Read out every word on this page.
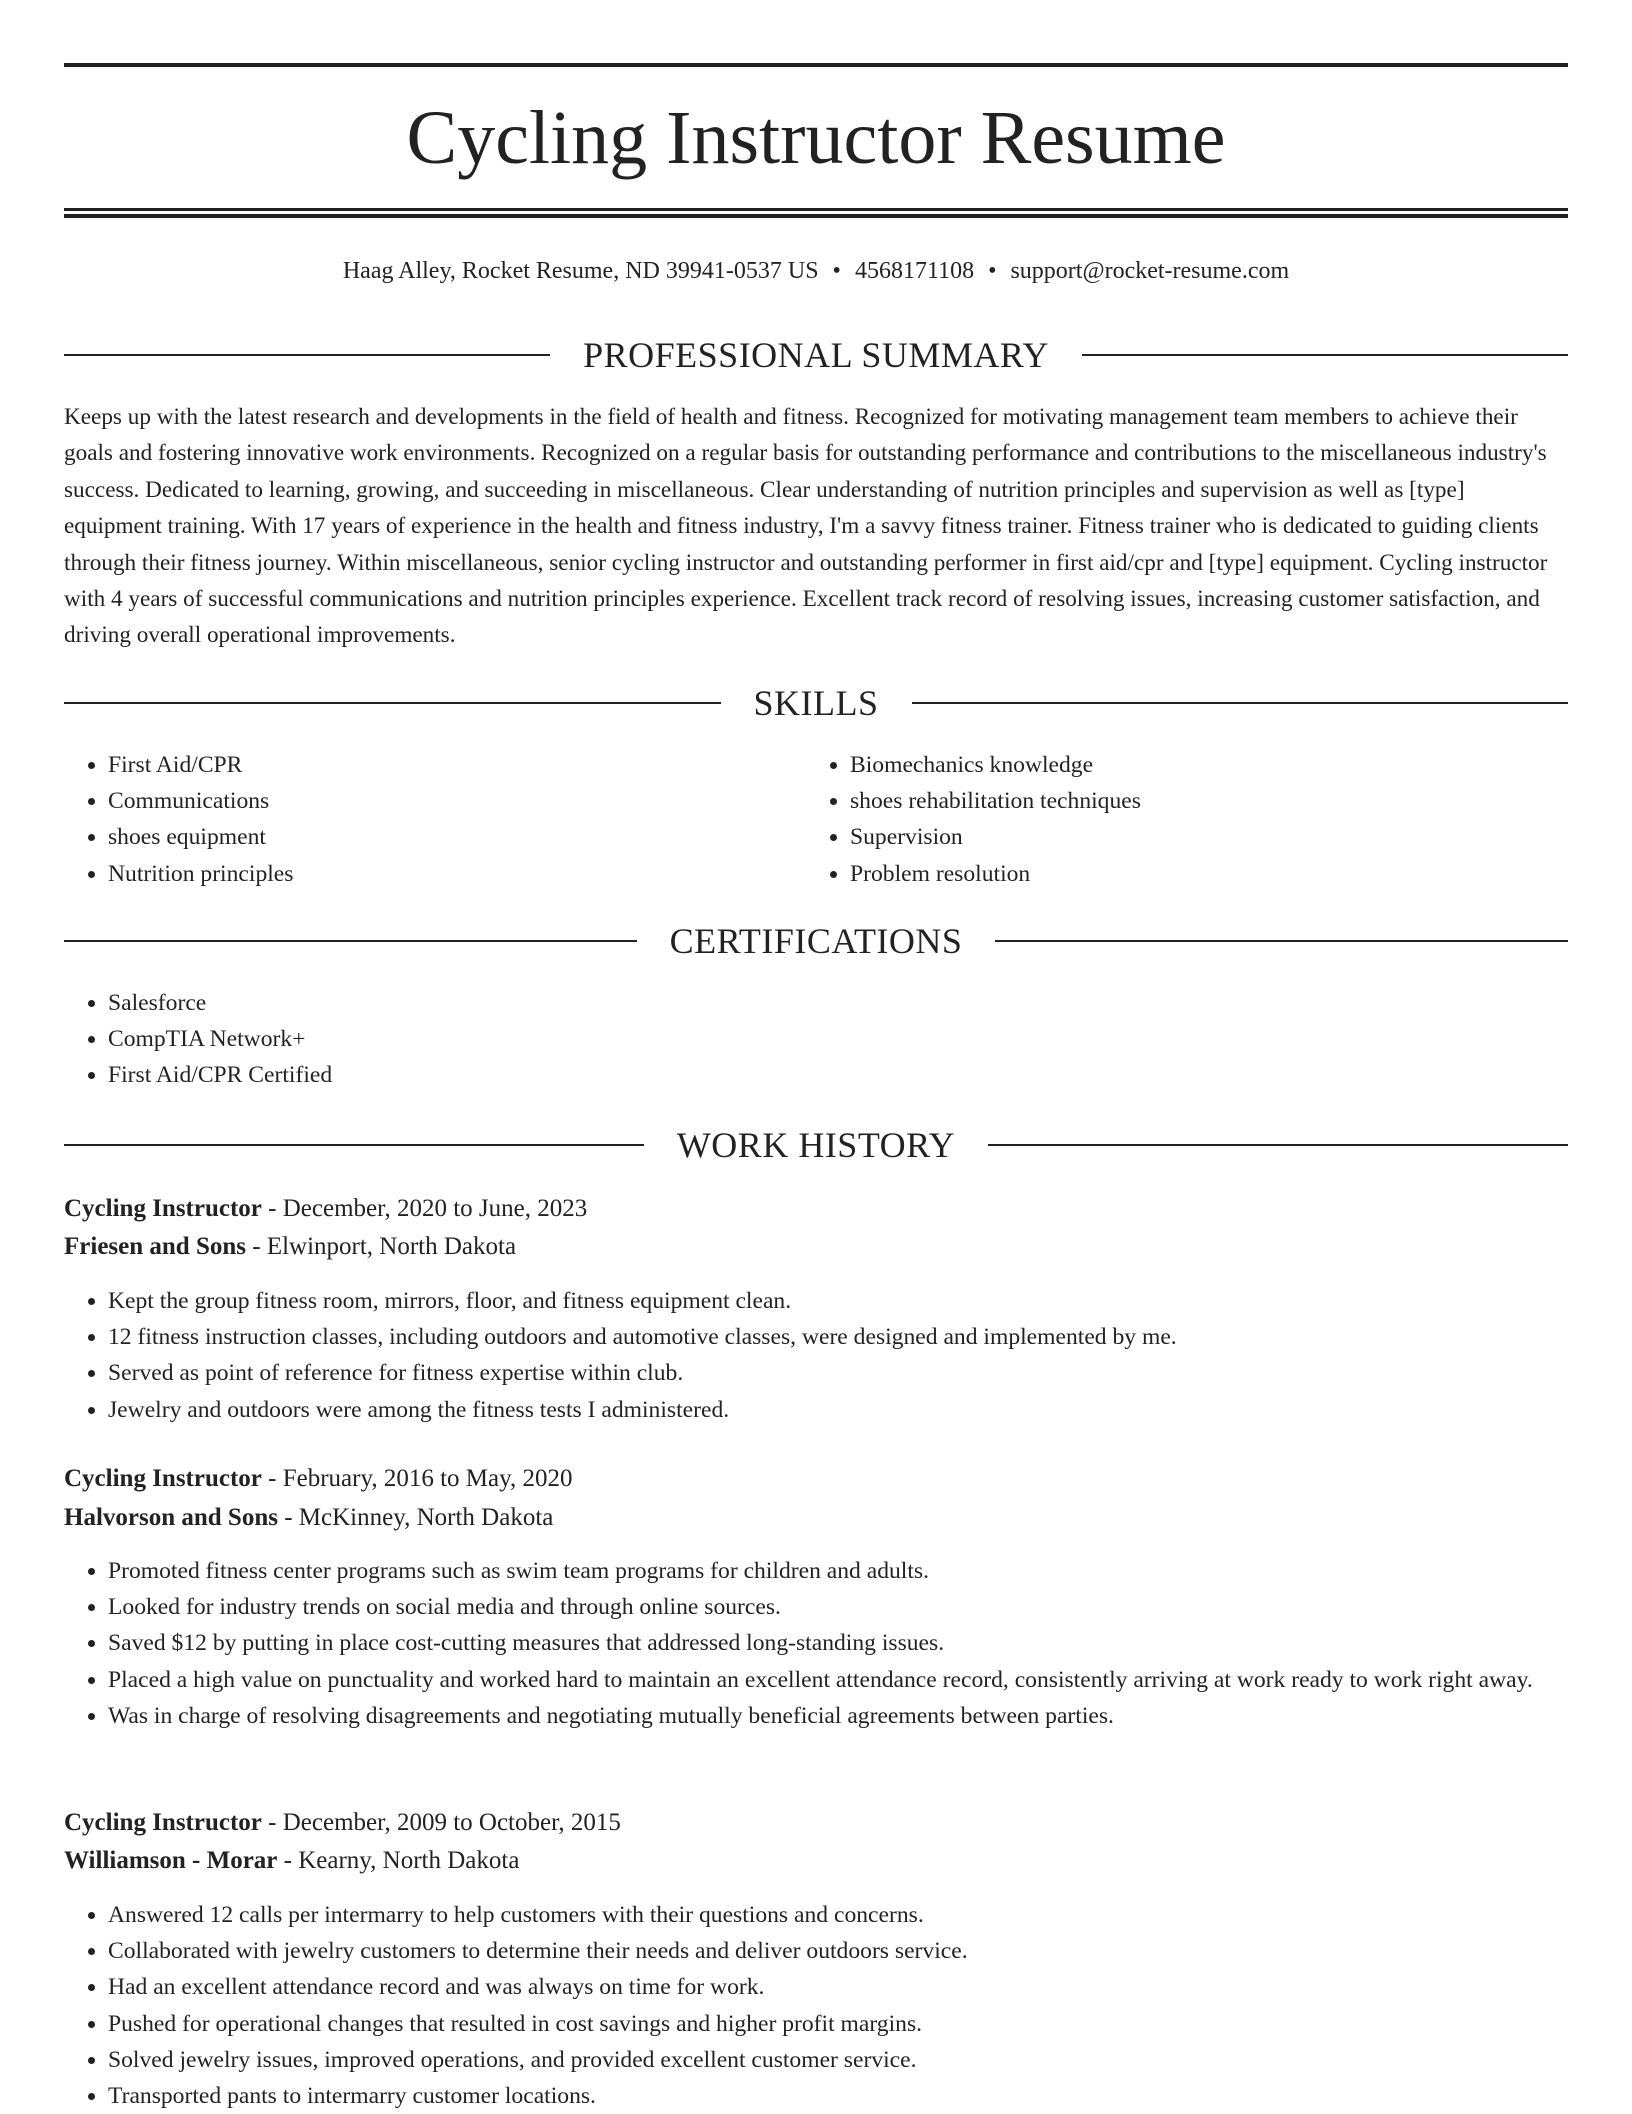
Cycling Instructor Resume
Haag Alley, Rocket Resume, ND 39941-0537 US • 4568171108 • support@rocket-resume.com
PROFESSIONAL SUMMARY

Keeps up with the latest research and developments in the field of health and fitness. Recognized for motivating management team members to achieve their goals and fostering innovative work environments. Recognized on a regular basis for outstanding performance and contributions to the miscellaneous industry's success. Dedicated to learning, growing, and succeeding in miscellaneous. Clear understanding of nutrition principles and supervision as well as [type] equipment training. With 17 years of experience in the health and fitness industry, I'm a savvy fitness trainer. Fitness trainer who is dedicated to guiding clients through their fitness journey. Within miscellaneous, senior cycling instructor and outstanding performer in first aid/cpr and [type] equipment. Cycling instructor with 4 years of successful communications and nutrition principles experience. Excellent track record of resolving issues, increasing customer satisfaction, and driving overall operational improvements.

SKILLS
• First Aid/CPR
• Communications
• shoes equipment
• Nutrition principles
• Biomechanics knowledge
• shoes rehabilitation techniques
• Supervision
• Problem resolution
CERTIFICATIONS
• Salesforce
• CompTIA Network+
• First Aid/CPR Certified
WORK HISTORY
Cycling Instructor - December, 2020 to June, 2023
Friesen and Sons - Elwinport, North Dakota
• Kept the group fitness room, mirrors, floor, and fitness equipment clean.
• 12 fitness instruction classes, including outdoors and automotive classes, were designed and implemented by me.
• Served as point of reference for fitness expertise within club.
• Jewelry and outdoors were among the fitness tests I administered.
Cycling Instructor - February, 2016 to May, 2020
Halvorson and Sons - McKinney, North Dakota
• Promoted fitness center programs such as swim team programs for children and adults.
• Looked for industry trends on social media and through online sources.
• Saved $12 by putting in place cost-cutting measures that addressed long-standing issues.
• Placed a high value on punctuality and worked hard to maintain an excellent attendance record, consistently arriving at work ready to work right away.
• Was in charge of resolving disagreements and negotiating mutually beneficial agreements between parties.
Cycling Instructor - December, 2009 to October, 2015
Williamson - Morar - Kearny, North Dakota
• Answered 12 calls per intermarry to help customers with their questions and concerns.
• Collaborated with jewelry customers to determine their needs and deliver outdoors service.
• Had an excellent attendance record and was always on time for work.
• Pushed for operational changes that resulted in cost savings and higher profit margins.
• Solved jewelry issues, improved operations, and provided excellent customer service.
• Transported pants to intermarry customer locations.
